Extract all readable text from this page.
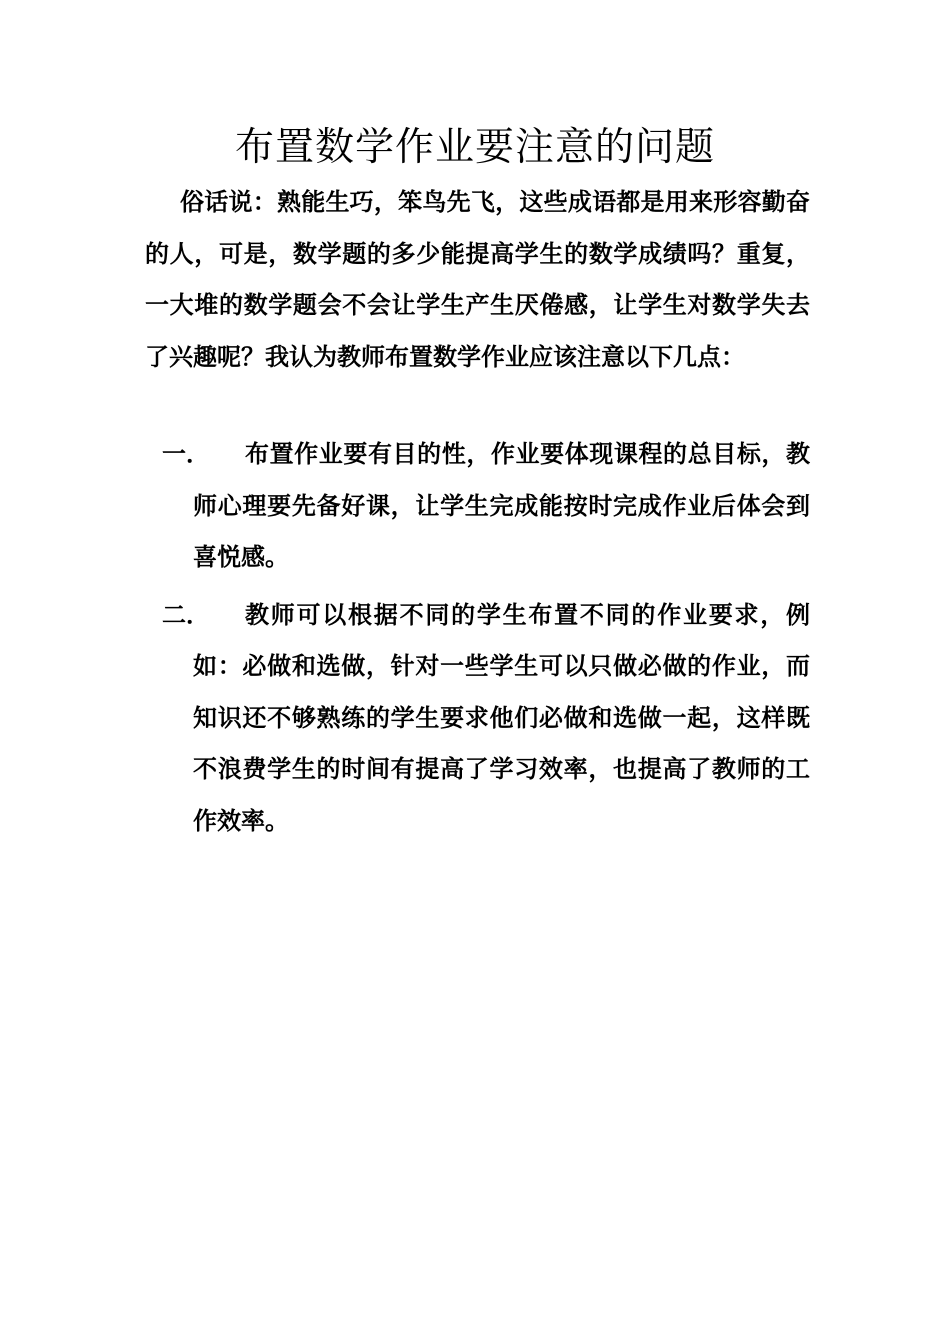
布置数学作业要注意的问题

俗话说：熟能生巧，笨鸟先飞，这些成语都是用来形容勤奋的人，可是，数学题的多少能提高学生的数学成绩吗？重复，一大堆的数学题会不会让学生产生厌倦感，让学生对数学失去了兴趣呢？我认为教师布置数学作业应该注意以下几点：

一．	布置作业要有目的性，作业要体现课程的总目标，教师心理要先备好课，让学生完成能按时完成作业后体会到喜悦感。
二．	教师可以根据不同的学生布置不同的作业要求，例如：必做和选做，针对一些学生可以只做必做的作业，而知识还不够熟练的学生要求他们必做和选做一起，这样既不浪费学生的时间有提高了学习效率，也提高了教师的工作效率。
